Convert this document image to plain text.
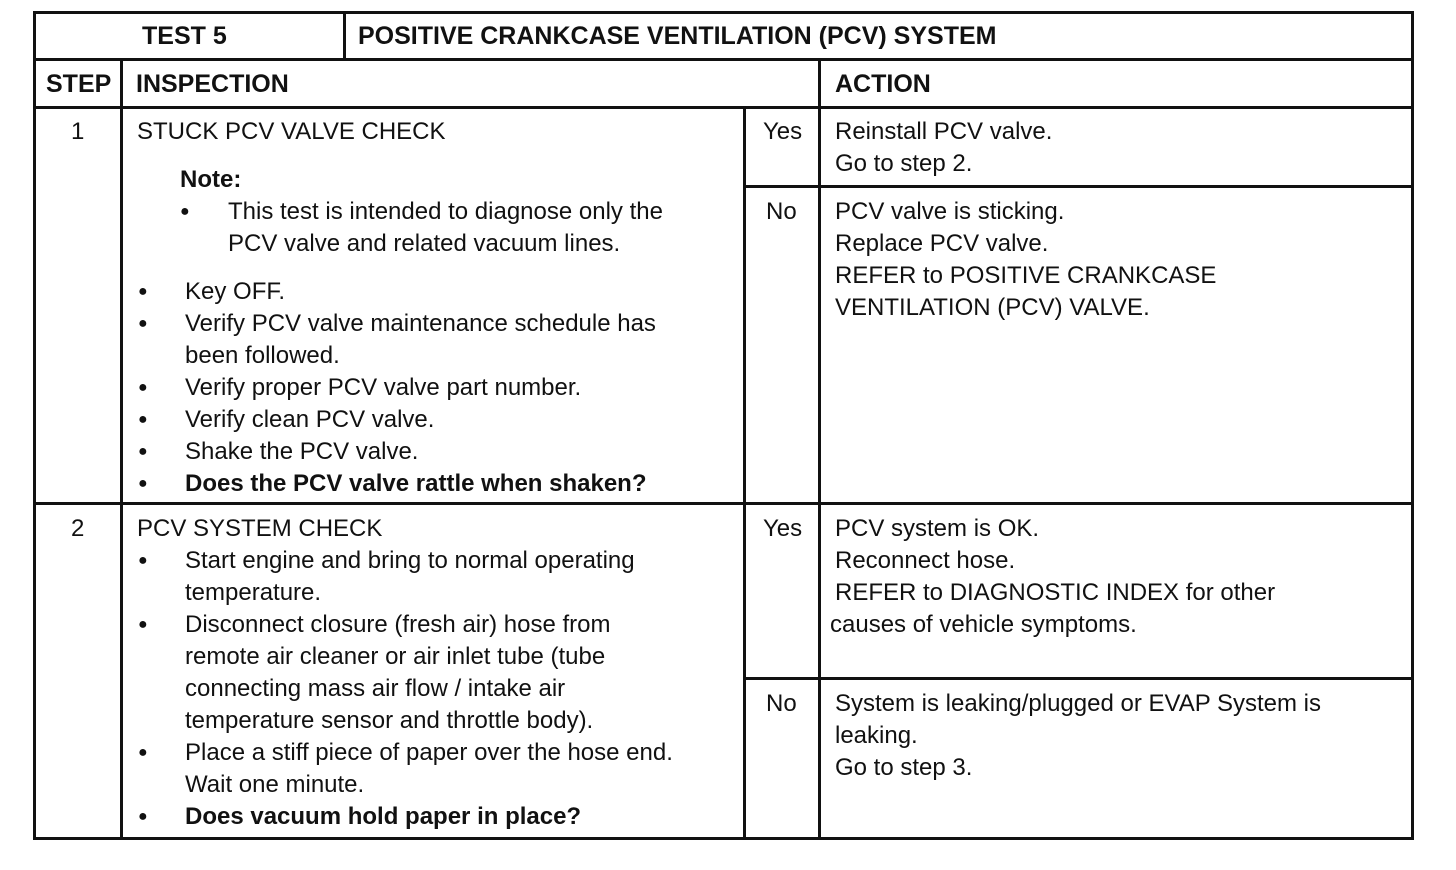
TEST 5	POSITIVE CRANKCASE VENTILATION (PCV) SYSTEM
STEP INSPECTION	ACTION
1 STUCK PCV VALVE CHECK
Note:
● This test is intended to diagnose only the
PCV valve and related vacuum lines.
● Key OFF.
● Verify PCV valve maintenance schedule has
been followed.
● Verify proper PCV valve part number.
● Verify clean PCV valve.
● Shake the PCV valve.
● Does the PCV valve rattle when shaken?
Yes Reinstall PCV valve.
Go to step 2.
No PCV valve is sticking.
Replace PCV valve.
REFER to POSITIVE CRANKCASE
VENTILATION (PCV) VALVE.
2 PCV SYSTEM CHECK
● Start engine and bring to normal operating
temperature.
● Disconnect closure (fresh air) hose from
remote air cleaner or air inlet tube (tube
connecting mass air flow / intake air
temperature sensor and throttle body).
● Place a stiff piece of paper over the hose end.
Wait one minute.
● Does vacuum hold paper in place?
Yes PCV system is OK.
Reconnect hose.
REFER to DIAGNOSTIC INDEX for other
causes of vehicle symptoms.
No System is leaking/plugged or EVAP System is
leaking.
Go to step 3.
